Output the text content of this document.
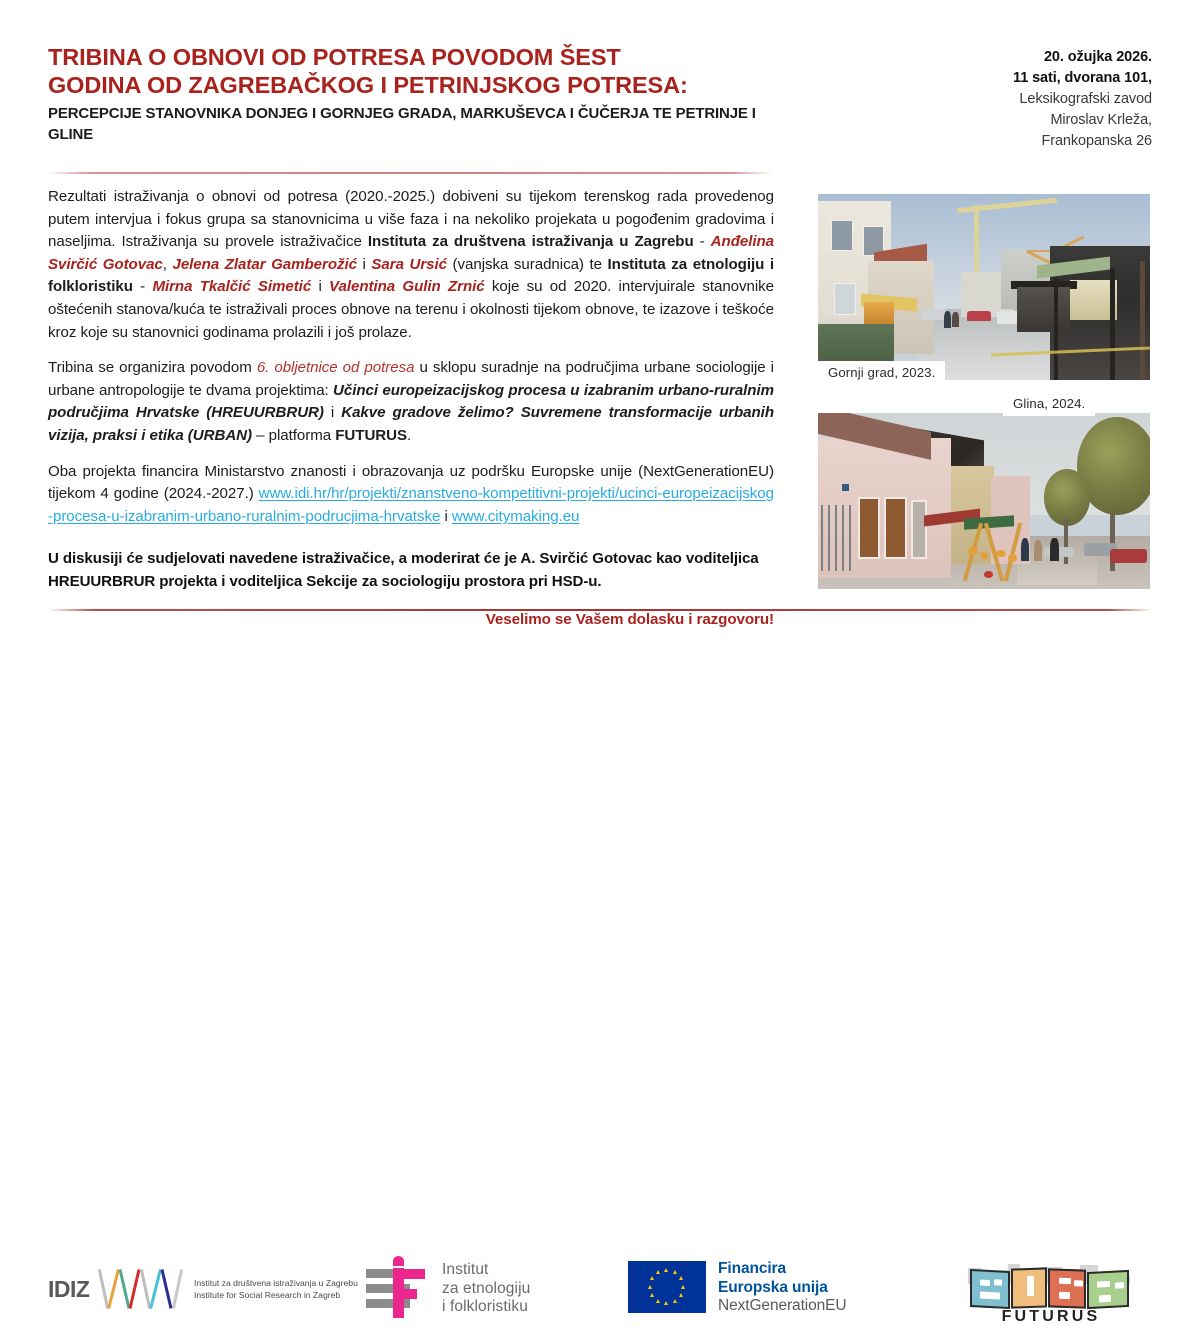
TRIBINA O OBNOVI OD POTRESA POVODOM ŠEST
GODINA OD ZAGREBAČKOG I PETRINJSKOG POTRESA:
PERCEPCIJE STANOVNIKA DONJEG I GORNJEG GRADA, MARKUŠEVCA I ČUČERJA TE PETRINJE I GLINE
20. ožujka 2026.
11 sati, dvorana 101,
Leksikografski zavod
Miroslav Krleža,
Frankopanska 26

Rezultati istraživanja o obnovi od potresa (2020.-2025.) dobiveni su tijekom terenskog rada provedenog putem intervjua i fokus grupa sa stanovnicima u više faza i na nekoliko projekata u pogođenim gradovima i naseljima. Istraživanja su provele istraživačice Instituta za društvena istraživanja u Zagrebu - Anđelina Svirčić Gotovac, Jelena Zlatar Gamberožić i Sara Ursić (vanjska suradnica) te Instituta za etnologiju i folkloristiku - Mirna Tkalčić Simetić i Valentina Gulin Zrnić koje su od 2020. intervjuirale stanovnike oštećenih stanova/kuća te istraživali proces obnove na terenu i okolnosti tijekom obnove, te izazove i teškoće kroz koje su stanovnici godinama prolazili i još prolaze.

Tribina se organizira povodom 6. obljetnice od potresa u sklopu suradnje na područjima urbane sociologije i urbane antropologije te dvama projektima: Učinci europeizacijskog procesa u izabranim urbano-ruralnim područjima Hrvatske (HREUURBRUR) i Kakve gradove želimo? Suvremene transformacije urbanih vizija, praksi i etika (URBAN) – platforma FUTURUS.

Oba projekta financira Ministarstvo znanosti i obrazovanja uz podršku Europske unije (NextGenerationEU) tijekom 4 godine (2024.-2027.) www.idi.hr/hr/projekti/znanstveno-kompetitivni-projekti/ucinci-europeizacijskog-procesa-u-izabranim-urbano-ruralnim-podrucjima-hrvatske i www.citymaking.eu

U diskusiji će sudjelovati navedene istraživačice, a moderirat će je A. Svirčić Gotovac kao voditeljica HREUURBRUR projekta i voditeljica Sekcije za sociologiju prostora pri HSD-u.

Veselimo se Vašem dolasku i razgovoru!

Gornji grad, 2023.
Glina, 2024.
IDIZ	Institut za društvena istraživanja u Zagrebu
Institute for Social Research in Zagreb
Institut
za etnologiju
i folkloristiku
Financira
Europska unija
NextGenerationEU
FUTURUS
